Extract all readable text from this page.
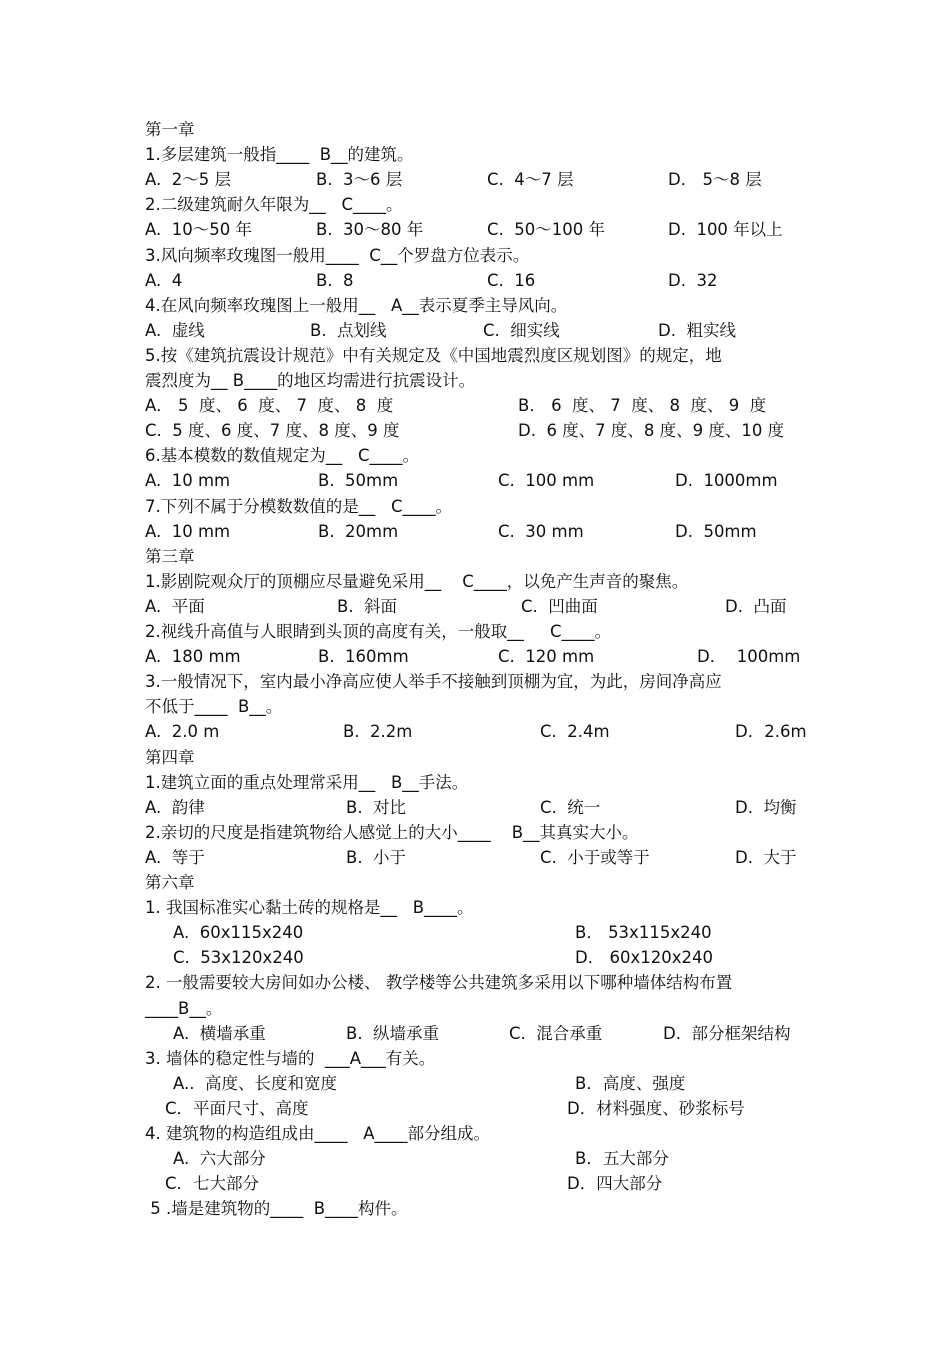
第一章
1.多层建筑一般指____  B__的建筑。
A.  2～5 层	B.  3～6 层	C.  4～7 层	D． 5～8 层
2.二级建筑耐久年限为__   C____。
A.  10～50 年	B.  30～80 年	C.  50～100 年	D.  100 年以上
3.风向频率玫瑰图一般用____  C__个罗盘方位表示。
A.  4	B.  8	C.  16	D.  32
4.在风向频率玫瑰图上一般用__   A__表示夏季主导风向。
A.  虚线	B.  点划线	C.  细实线	D.  粗实线
5.按《建筑抗震设计规范》中有关规定及《中国地震烈度区规划图》的规定，地
震烈度为__ B____的地区均需进行抗震设计。
A． 5  度、 6  度、 7  度、 8  度	B． 6  度、 7  度、 8  度、 9  度
C.  5 度、6 度、7 度、8 度、9 度	D.  6 度、7 度、8 度、9 度、10 度
6.基本模数的数值规定为__   C____。
A.  10 mm	B.  50mm	C.  100 mm	D.  1000mm
7.下列不属于分模数数值的是__   C____。
A.  10 mm	B.  20mm	C.  30 mm	D.  50mm
第三章
1.影剧院观众厅的顶棚应尽量避免采用__    C____，以免产生声音的聚焦。
A.  平面	B.  斜面	C.  凹曲面	D.  凸面
2.视线升高值与人眼睛到头顶的高度有关，一般取__     C____。
A.  180 mm	B.  160mm	C.  120 mm	D．  100mm
3.一般情况下，室内最小净高应使人举手不接触到顶棚为宜，为此，房间净高应
不低于____  B__。
A.  2.0 m	B.  2.2m	C.  2.4m	D．2.6m
第四章
1.建筑立面的重点处理常采用__   B__手法。
A.  韵律	B.  对比	C.  统一	D.  均衡
2.亲切的尺度是指建筑物给人感觉上的大小____    B__其真实大小。
A.  等于	B.  小于	C.  小于或等于	D.  大于
第六章
1. 我国标准实心黏土砖的规格是__   B____。
A.  60x115x240	B． 53x115x240
C.  53x120x240	D． 60x120x240
2. 一般需要较大房间如办公楼、 教学楼等公共建筑多采用以下哪种墙体结构布置
____B__。
A.  横墙承重	B.  纵墙承重	C.  混合承重	D.  部分框架结构
3. 墙体的稳定性与墙的  ___A___有关。
A..  高度、长度和宽度	B．高度、强度
C．平面尺寸、高度	D．材料强度、砂浆标号
4. 建筑物的构造组成由____   A____部分组成。
A.  六大部分	B．五大部分
C．七大部分	D．四大部分
5 .墙是建筑物的____  B____构件。
